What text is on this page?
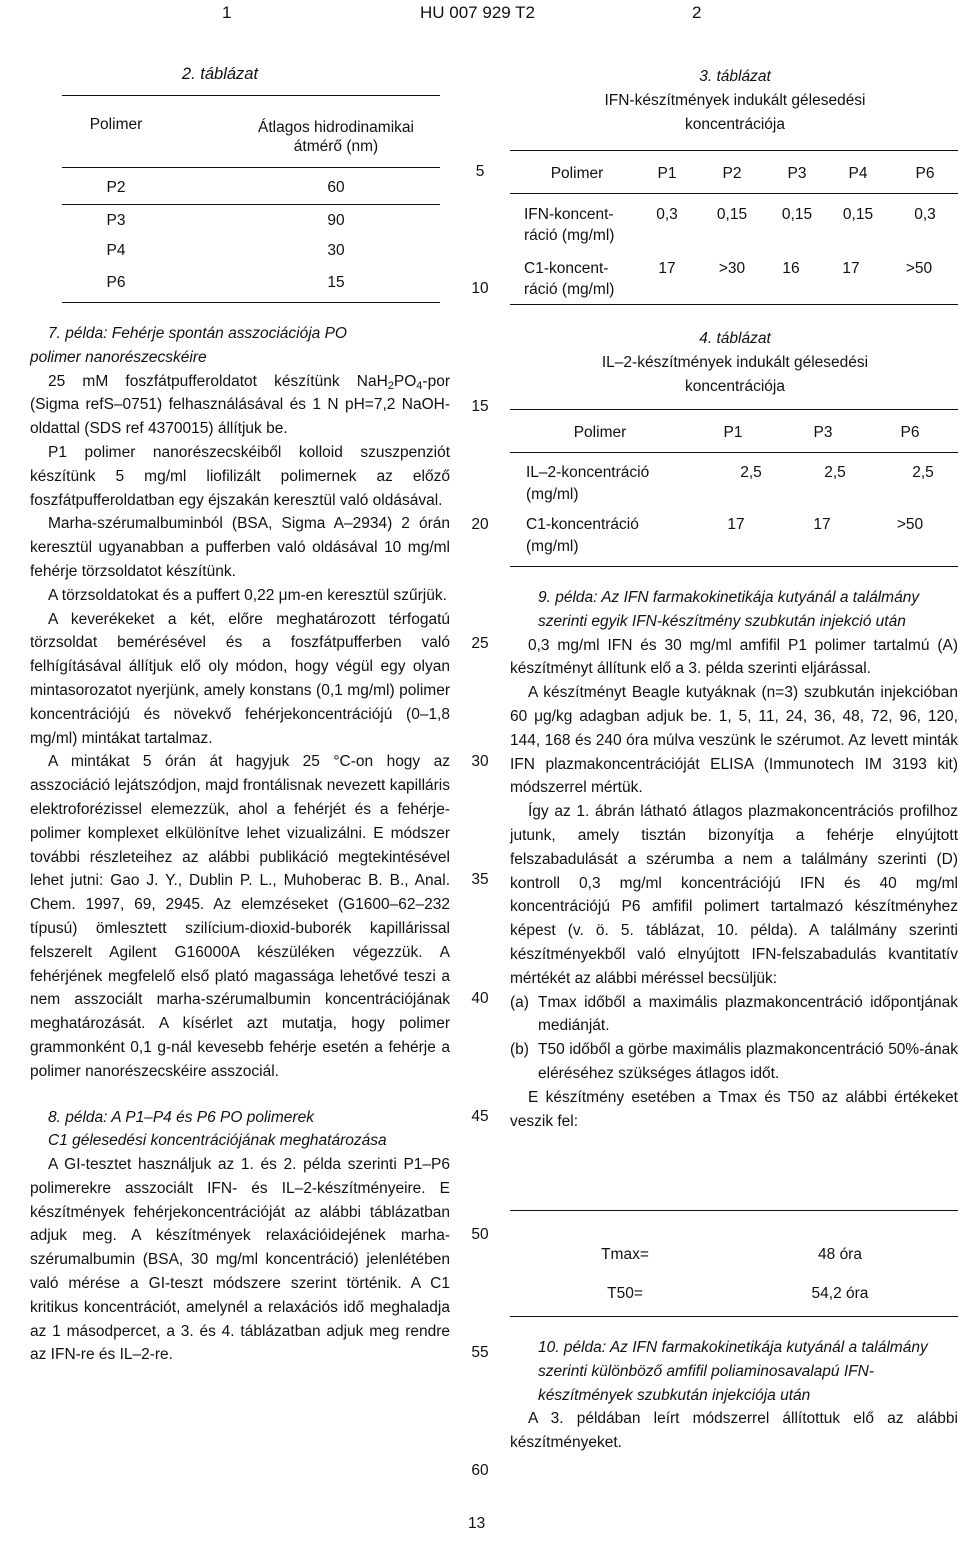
1	HU 007 929 T2	2
5
10
15
20
25
30
35
40
45
50
55
60
2. táblázat
Polimer	Átlagos hidrodinamikai
átmérő (nm)
P2	60
P3	90
P4	30
P6	15
3. táblázat
IFN-készítmények indukált gélesedési
koncentrációja
Polimer	P1	P2	P3	P4	P6
IFN-koncent-
ráció (mg/ml)
0,3	0,15	0,15	0,15	0,3
C1-koncent-
ráció (mg/ml)
17	>30	16	17	>50

7. példa: Fehérje spontán asszociációja PO

polimer nanorészecskéire

25 mM foszfátpufferoldatot készítünk $NaH_2PO_4$-por (Sigma refS–0751) felhasználásával és 1 N pH=7,2 NaOH-oldattal (SDS ref 4370015) állítjuk be.

P1 polimer nanorészecskéiből kolloid szuszpenziót készítünk 5 mg/ml liofilizált polimernek az előző foszfátpufferoldatban egy éjszakán keresztül való oldásával.

Marha-szérumalbuminból (BSA, Sigma A–2934) 2 órán keresztül ugyanabban a pufferben való oldásával 10 mg/ml fehérje törzsoldatot készítünk.

A törzsoldatokat és a puffert 0,22 μm-en keresztül szűrjük.

A keverékeket a két, előre meghatározott térfogatú törzsoldat bemérésével és a foszfátpufferben való felhígításával állítjuk elő oly módon, hogy végül egy olyan mintasorozatot nyerjünk, amely konstans (0,1 mg/ml) polimer koncentrációjú és növekvő fehérjekoncentrációjú (0–1,8 mg/ml) mintákat tartalmaz.

A mintákat 5 órán át hagyjuk 25 °C-on hogy az asszociáció lejátszódjon, majd frontálisnak nevezett kapilláris elektroforézissel elemezzük, ahol a fehérjét és a fehérje-polimer komplexet elkülönítve lehet vizualizálni. E módszer további részleteihez az alábbi publikáció megtekintésével lehet jutni: Gao J. Y., Dublin P. L., Muhoberac B. B., Anal. Chem. 1997, 69, 2945. Az elemzéseket (G1600–62–232 típusú) ömlesztett szilícium-dioxid-buborék kapillárissal felszerelt Agilent G16000A készüléken végezzük. A fehérjének megfelelő első plató magassága lehetővé teszi a nem asszociált marha-szérumalbumin koncentrációjának meghatározását. A kísérlet azt mutatja, hogy polimer grammonként 0,1 g-nál kevesebb fehérje esetén a fehérje a polimer nanorészecskéire asszociál.

8. példa: A P1–P4 és P6 PO polimerek

C1 gélesedési koncentrációjának meghatározása

A GI-tesztet használjuk az 1. és 2. példa szerinti P1–P6 polimerekre asszociált IFN- és IL–2-készítményeire. E készítmények fehérjekoncentrációját az alábbi táblázatban adjuk meg. A készítmények relaxációidejének marha-szérumalbumin (BSA, 30 mg/ml koncentráció) jelenlétében való mérése a GI-teszt módszere szerint történik. A C1 kritikus koncentrációt, amelynél a relaxációs idő meghaladja az 1 másodpercet, a 3. és 4. táblázatban adjuk meg rendre az IFN-re és IL–2-re.

4. táblázat
IL–2-készítmények indukált gélesedési
koncentrációja
Polimer	P1	P3	P6
IL–2-koncentráció
(mg/ml)
2,5	2,5	2,5
C1-koncentráció
(mg/ml)
17	17	>50

9. példa: Az IFN farmakokinetikája kutyánál a találmány szerinti egyik IFN-készítmény szubkután injekció után

0,3 mg/ml IFN és 30 mg/ml amfifil P1 polimer tartalmú (A) készítményt állítunk elő a 3. példa szerinti eljárással.

A készítményt Beagle kutyáknak (n=3) szubkután injekcióban 60 μg/kg adagban adjuk be. 1, 5, 11, 24, 36, 48, 72, 96, 120, 144, 168 és 240 óra múlva veszünk le szérumot. Az levett minták IFN plazmakoncentrációját ELISA (Immunotech IM 3193 kit) módszerrel mértük.

Így az 1. ábrán látható átlagos plazmakoncentrációs profilhoz jutunk, amely tisztán bizonyítja a fehérje elnyújtott felszabadulását a szérumba a nem a találmány szerinti (D) kontroll 0,3 mg/ml koncentrációjú IFN és 40 mg/ml koncentrációjú P6 amfifil polimert tartalmazó készítményhez képest (v. ö. 5. táblázat, 10. példa). A találmány szerinti készítményekből való elnyújtott IFN-felszabadulás kvantitatív mértékét az alábbi méréssel becsüljük:

(a) Tmax időből a maximális plazmakoncentráció időpontjának mediánját.
(b) T50 időből a görbe maximális plazmakoncentráció 50%-ának eléréséhez szükséges átlagos időt.

E készítmény esetében a Tmax és T50 az alábbi értékeket veszik fel:

Tmax=	48 óra
T50=	54,2 óra

10. példa: Az IFN farmakokinetikája kutyánál a találmány szerinti különböző amfifil poliaminosavalapú IFN-készítmények szubkután injekciója után

A 3. példában leírt módszerrel állítottuk elő az alábbi készítményeket.

13
